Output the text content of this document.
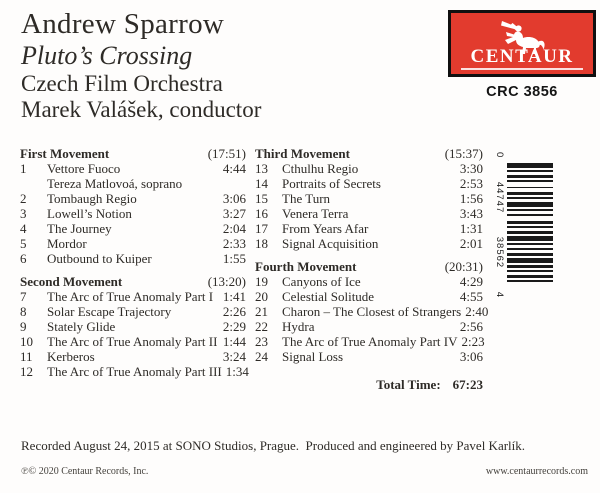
Andrew Sparrow
Pluto’s Crossing
Czech Film Orchestra
Marek Valášek, conductor
CENTAUR
CRC 3856
First Movement	(17:51)
1	Vettore Fuoco	4:44
Tereza Matlovoá, soprano
2	Tombaugh Regio	3:06
3	Lowell’s Notion	3:27
4	The Journey	2:04
5	Mordor	2:33
6	Outbound to Kuiper	1:55
Second Movement	(13:20)
7	The Arc of True Anomaly Part I 1:41
8	Solar Escape Trajectory	2:26
9	Stately Glide	2:29
10	The Arc of True Anomaly Part II 1:44
11	Kerberos	3:24
12	The Arc of True Anomaly Part III 1:34
Third Movement	(15:37)
13	Cthulhu Regio	3:30
14	Portraits of Secrets	2:53
15	The Turn	1:56
16	Venera Terra	3:43
17	From Years Afar	1:31
18	Signal Acquisition	2:01
Fourth Movement	(20:31)
19	Canyons of Ice	4:29
20	Celestial Solitude	4:55
21	Charon – The Closest of Strangers 2:40
22	Hydra	2:56
23	The Arc of True Anomaly Part IV 2:23
24	Signal Loss	3:06
Total Time: 67:23
0
44747
38562
4
Recorded August 24, 2015 at SONO Studios, Prague.  Produced and engineered by Pavel Karlík.
℗© 2020 Centaur Records, Inc.	www.centaurrecords.com
